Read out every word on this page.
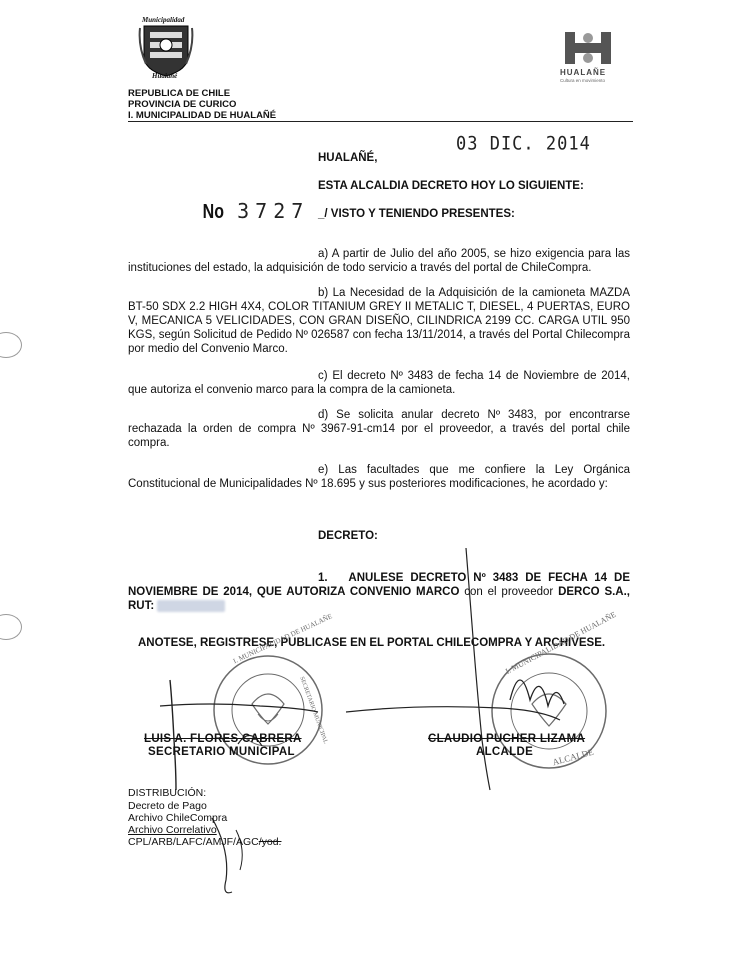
Municipalidad
Hualañé	HUALAÑE
Cultura en movimiento
REPUBLICA DE CHILE
PROVINCIA DE CURICO
I. MUNICIPALIDAD DE HUALAÑÉ
03 DIC. 2014
HUALAÑÉ,
ESTA ALCALDIA DECRETO HOY LO SIGUIENTE:
No 3727 _/ VISTO Y TENIENDO PRESENTES:
a) A partir de Julio del año 2005, se hizo exigencia para las instituciones del estado, la adquisición de todo servicio a través del portal de ChileCompra.
b) La Necesidad de la Adquisición de la camioneta MAZDA BT-50 SDX 2.2 HIGH 4X4, COLOR TITANIUM GREY II METALIC T, DIESEL, 4 PUERTAS, EURO V, MECANICA 5 VELICIDADES, CON GRAN DISEÑO, CILINDRICA 2199 CC. CARGA UTIL 950 KGS, según Solicitud de Pedido Nº 026587 con fecha 13/11/2014, a través del Portal Chilecompra por medio del Convenio Marco.
c) El decreto Nº 3483 de fecha 14 de Noviembre de 2014, que autoriza el convenio marco para la compra de la camioneta.
d) Se solicita anular decreto Nº 3483, por encontrarse rechazada la orden de compra Nº 3967-91-cm14 por el proveedor, a través del portal chile compra.
e) Las facultades que me confiere la Ley Orgánica Constitucional de Municipalidades Nº 18.695 y sus posteriores modificaciones, he acordado y:
DECRETO:
1. ANULESE DECRETO Nº 3483 DE FECHA 14 DE NOVIEMBRE DE 2014, QUE AUTORIZA CONVENIO MARCO con el proveedor DERCO S.A., RUT: 94.141.000-6
ANOTESE, REGISTRESE, PUBLICASE EN EL PORTAL CHILECOMPRA Y ARCHIVESE.
I. MUNICIPALIDAD DE HUALAÑE
SECRETARIO MUNICIPAL
I. MUNICIPALIDAD DE HUALAÑE
ALCALDE
LUIS A. FLORES CABRERA
SECRETARIO MUNICIPAL
CLAUDIO PUCHER LIZAMA
ALCALDE
DISTRIBUCIÓN:
Decreto de Pago
Archivo ChileCompra
Archivo Correlativo
CPL/ARB/LAFC/AMJF/AGC/yod.
